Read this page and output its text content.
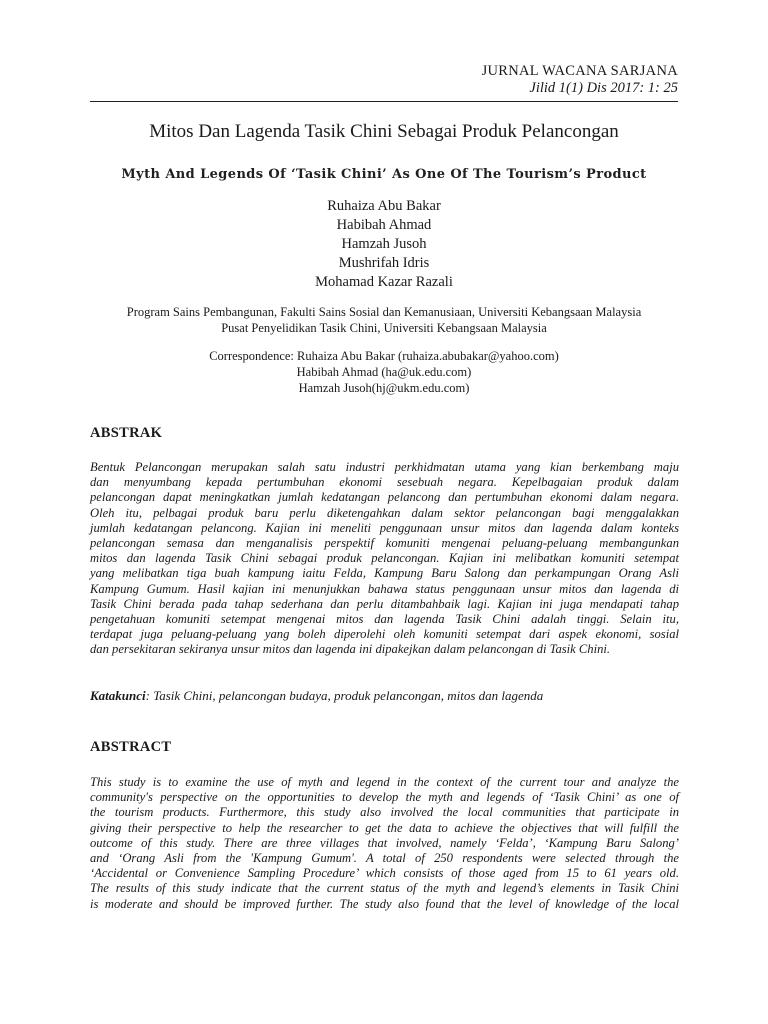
JURNAL WACANA SARJANA
Jilid 1(1) Dis 2017: 1: 25
Mitos Dan Lagenda Tasik Chini Sebagai Produk Pelancongan
Myth And Legends Of ‘Tasik Chini’ As One Of The Tourism’s Product
Ruhaiza Abu Bakar
Habibah Ahmad
Hamzah Jusoh
Mushrifah Idris
Mohamad Kazar Razali
Program Sains Pembangunan, Fakulti Sains Sosial dan Kemanusiaan, Universiti Kebangsaan Malaysia
Pusat Penyelidikan Tasik Chini, Universiti Kebangsaan Malaysia
Correspondence: Ruhaiza Abu Bakar (ruhaiza.abubakar@yahoo.com)
Habibah Ahmad (ha@uk.edu.com)
Hamzah Jusoh(hj@ukm.edu.com)
ABSTRAK
Bentuk Pelancongan merupakan salah satu industri perkhidmatan utama yang kian berkembang maju
dan menyumbang kepada pertumbuhan ekonomi sesebuah negara. Kepelbagaian produk dalam
pelancongan dapat meningkatkan jumlah kedatangan pelancong dan pertumbuhan ekonomi dalam negara.
Oleh itu, pelbagai produk baru perlu diketengahkan dalam sektor pelancongan bagi menggalakkan
jumlah kedatangan pelancong. Kajian ini meneliti penggunaan unsur mitos dan lagenda dalam konteks
pelancongan semasa dan menganalisis perspektif komuniti mengenai peluang-peluang membangunkan
mitos dan lagenda Tasik Chini sebagai produk pelancongan. Kajian ini melibatkan komuniti setempat
yang melibatkan tiga buah kampung iaitu Felda, Kampung Baru Salong dan perkampungan Orang Asli
Kampung Gumum. Hasil kajian ini menunjukkan bahawa status penggunaan unsur mitos dan lagenda di
Tasik Chini berada pada tahap sederhana dan perlu ditambahbaik lagi. Kajian ini juga mendapati tahap
pengetahuan komuniti setempat mengenai mitos dan lagenda Tasik Chini adalah tinggi. Selain itu,
terdapat juga peluang-peluang yang boleh diperolehi oleh komuniti setempat dari aspek ekonomi, sosial
dan persekitaran sekiranya unsur mitos dan lagenda ini dipakejkan dalam pelancongan di Tasik Chini.
Katakunci: Tasik Chini, pelancongan budaya, produk pelancongan, mitos dan lagenda
ABSTRACT
This study is to examine the use of myth and legend in the context of the current tour and analyze the
community's perspective on the opportunities to develop the myth and legends of ‘Tasik Chini’ as one of
the tourism products. Furthermore, this study also involved the local communities that participate in
giving their perspective to help the researcher to get the data to achieve the objectives that will fulfill the
outcome of this study. There are three villages that involved, namely ‘Felda’, ‘Kampung Baru Salong’
and ‘Orang Asli from the 'Kampung Gumum'. A total of 250 respondents were selected through the
‘Accidental or Convenience Sampling Procedure’ which consists of those aged from 15 to 61 years old.
The results of this study indicate that the current status of the myth and legend’s elements in Tasik Chini
is moderate and should be improved further. The study also found that the level of knowledge of the local
